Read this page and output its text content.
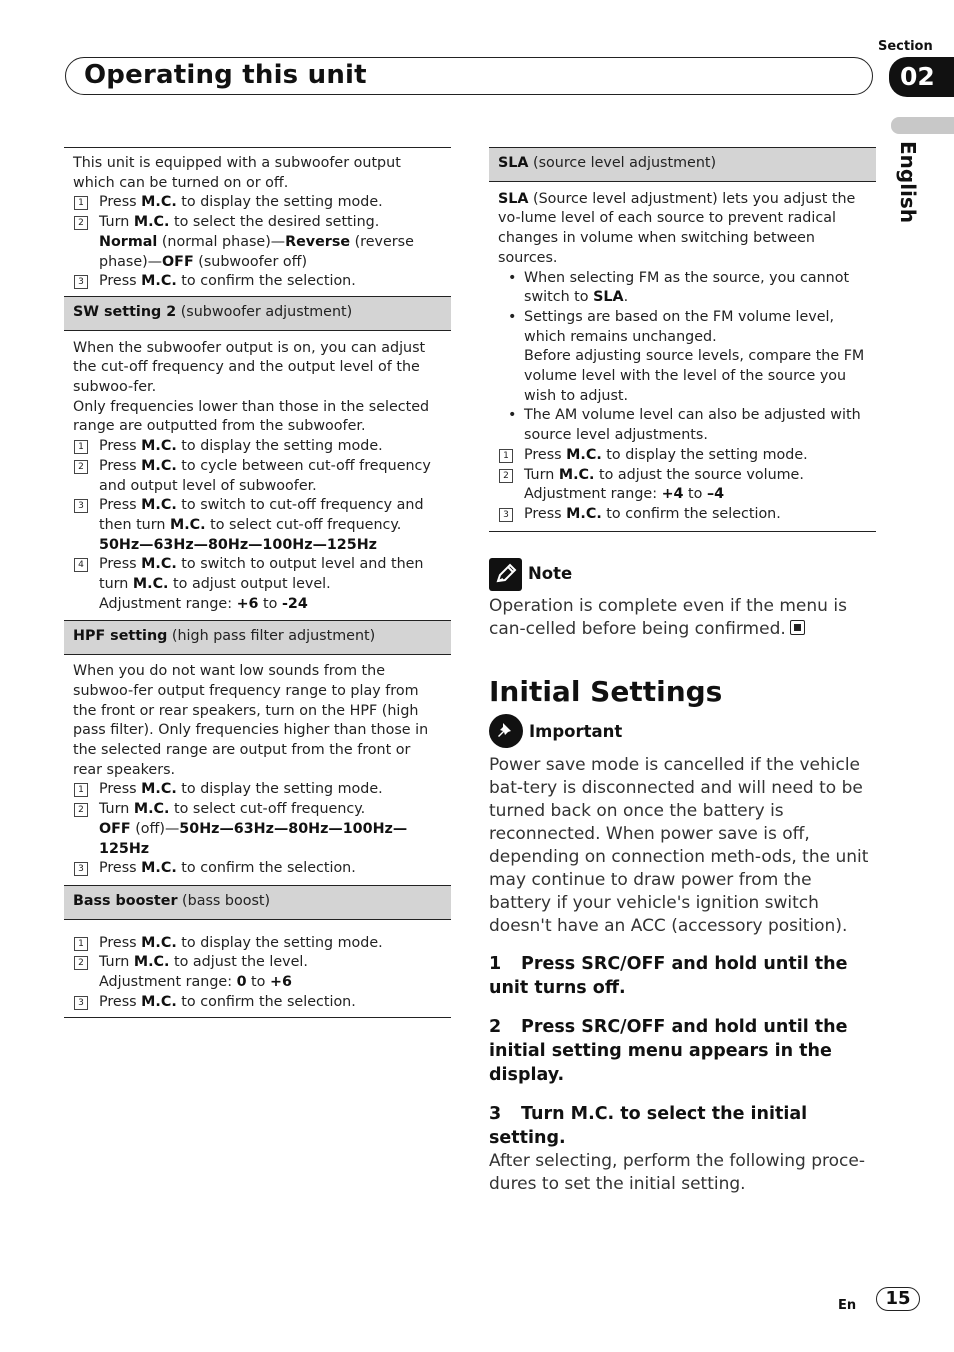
Section
Operating this unit	02
English

This unit is equipped with a subwoofer output which can be turned on or off.

1 Press M.C. to display the setting mode.
2 Turn M.C. to select the desired setting.
Normal (normal phase)—Reverse (reverse phase)—OFF (subwoofer off)
3 Press M.C. to confirm the selection.
SW setting 2 (subwoofer adjustment)

When the subwoofer output is on, you can adjust the cut-off frequency and the output level of the subwoo-fer.

Only frequencies lower than those in the selected range are outputted from the subwoofer.

1 Press M.C. to display the setting mode.
2 Press M.C. to cycle between cut-off frequency and output level of subwoofer.
3 Press M.C. to switch to cut-off frequency and then turn M.C. to select cut-off frequency.
50Hz—63Hz—80Hz—100Hz—125Hz
4 Press M.C. to switch to output level and then turn M.C. to adjust output level.
Adjustment range: +6 to -24
HPF setting (high pass filter adjustment)

When you do not want low sounds from the subwoo-fer output frequency range to play from the front or rear speakers, turn on the HPF (high pass filter). Only frequencies higher than those in the selected range are output from the front or rear speakers.

1 Press M.C. to display the setting mode.
2 Turn M.C. to select cut-off frequency.
OFF (off)—50Hz—63Hz—80Hz—100Hz—125Hz
3 Press M.C. to confirm the selection.
Bass booster (bass boost)
1 Press M.C. to display the setting mode.
2 Turn M.C. to adjust the level.
Adjustment range: 0 to +6
3 Press M.C. to confirm the selection.
SLA (source level adjustment)

SLA (Source level adjustment) lets you adjust the vo-lume level of each source to prevent radical changes in volume when switching between sources.

• When selecting FM as the source, you cannot switch to SLA.
• Settings are based on the FM volume level, which remains unchanged.
Before adjusting source levels, compare the FM volume level with the level of the source you wish to adjust.
• The AM volume level can also be adjusted with source level adjustments.
1 Press M.C. to display the setting mode.
2 Turn M.C. to adjust the source volume.
Adjustment range: +4 to –4
3 Press M.C. to confirm the selection.
Note

Operation is complete even if the menu is can-celled before being confirmed.

Initial Settings
Important

Power save mode is cancelled if the vehicle bat-tery is disconnected and will need to be turned back on once the battery is reconnected. When power save is off, depending on connection meth-ods, the unit may continue to draw power from the battery if your vehicle's ignition switch doesn't have an ACC (accessory position).

1 Press SRC/OFF and hold until the unit turns off.
2 Press SRC/OFF and hold until the initial setting menu appears in the display.
3 Turn M.C. to select the initial setting.

After selecting, perform the following proce-dures to set the initial setting.

En	15
